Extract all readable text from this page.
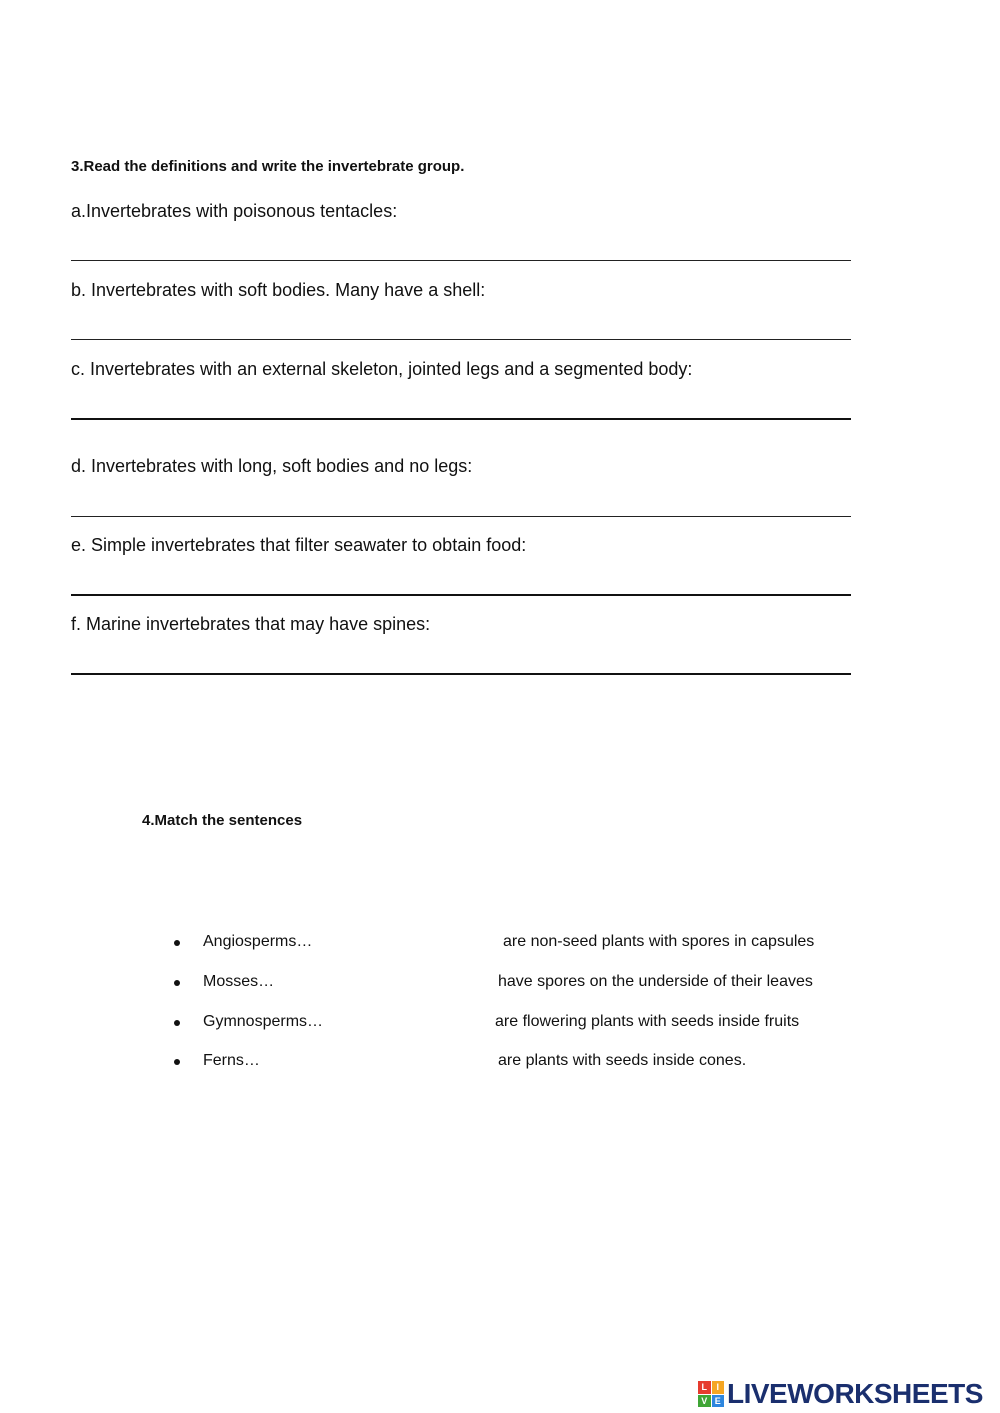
3.Read the definitions and write the invertebrate group.
a.Invertebrates with poisonous tentacles:
b. Invertebrates with soft bodies. Many have a shell:
c. Invertebrates with an external skeleton, jointed legs and a segmented body:
d. Invertebrates with long, soft bodies and no legs:
e. Simple invertebrates that filter seawater to obtain food:
f. Marine invertebrates that may have spines:
4.Match the sentences
Angiosperms…	are non-seed plants with spores in capsules
Mosses…	have spores on the underside of their leaves
Gymnosperms…	are flowering plants with seeds inside fruits
Ferns…	are plants with seeds inside cones.
L	I
V E LIVEWORKSHEETS
